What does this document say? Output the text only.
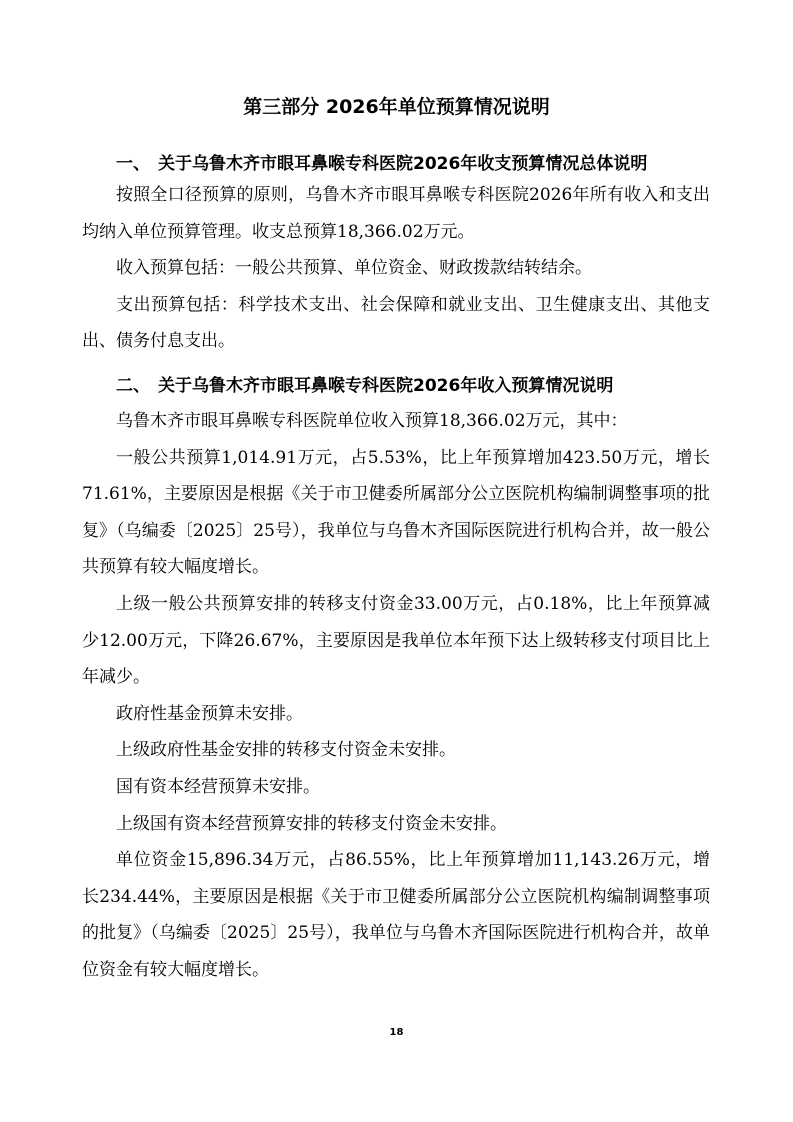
第三部分 2026年单位预算情况说明
一、 关于乌鲁木齐市眼耳鼻喉专科医院2026年收支预算情况总体说明
按照全口径预算的原则，乌鲁木齐市眼耳鼻喉专科医院2026年所有收入和支出均纳入单位预算管理。收支总预算18,366.02万元。
收入预算包括：一般公共预算、单位资金、财政拨款结转结余。
支出预算包括：科学技术支出、社会保障和就业支出、卫生健康支出、其他支出、债务付息支出。
二、 关于乌鲁木齐市眼耳鼻喉专科医院2026年收入预算情况说明
乌鲁木齐市眼耳鼻喉专科医院单位收入预算18,366.02万元，其中：
一般公共预算1,014.91万元，占5.53%，比上年预算增加423.50万元，增长71.61%，主要原因是根据《关于市卫健委所属部分公立医院机构编制调整事项的批复》（乌编委〔2025〕25号），我单位与乌鲁木齐国际医院进行机构合并，故一般公共预算有较大幅度增长。
上级一般公共预算安排的转移支付资金33.00万元，占0.18%，比上年预算减少12.00万元，下降26.67%，主要原因是我单位本年预下达上级转移支付项目比上年减少。
政府性基金预算未安排。
上级政府性基金安排的转移支付资金未安排。
国有资本经营预算未安排。
上级国有资本经营预算安排的转移支付资金未安排。
单位资金15,896.34万元，占86.55%，比上年预算增加11,143.26万元，增长234.44%，主要原因是根据《关于市卫健委所属部分公立医院机构编制调整事项的批复》（乌编委〔2025〕25号），我单位与乌鲁木齐国际医院进行机构合并，故单位资金有较大幅度增长。
18
